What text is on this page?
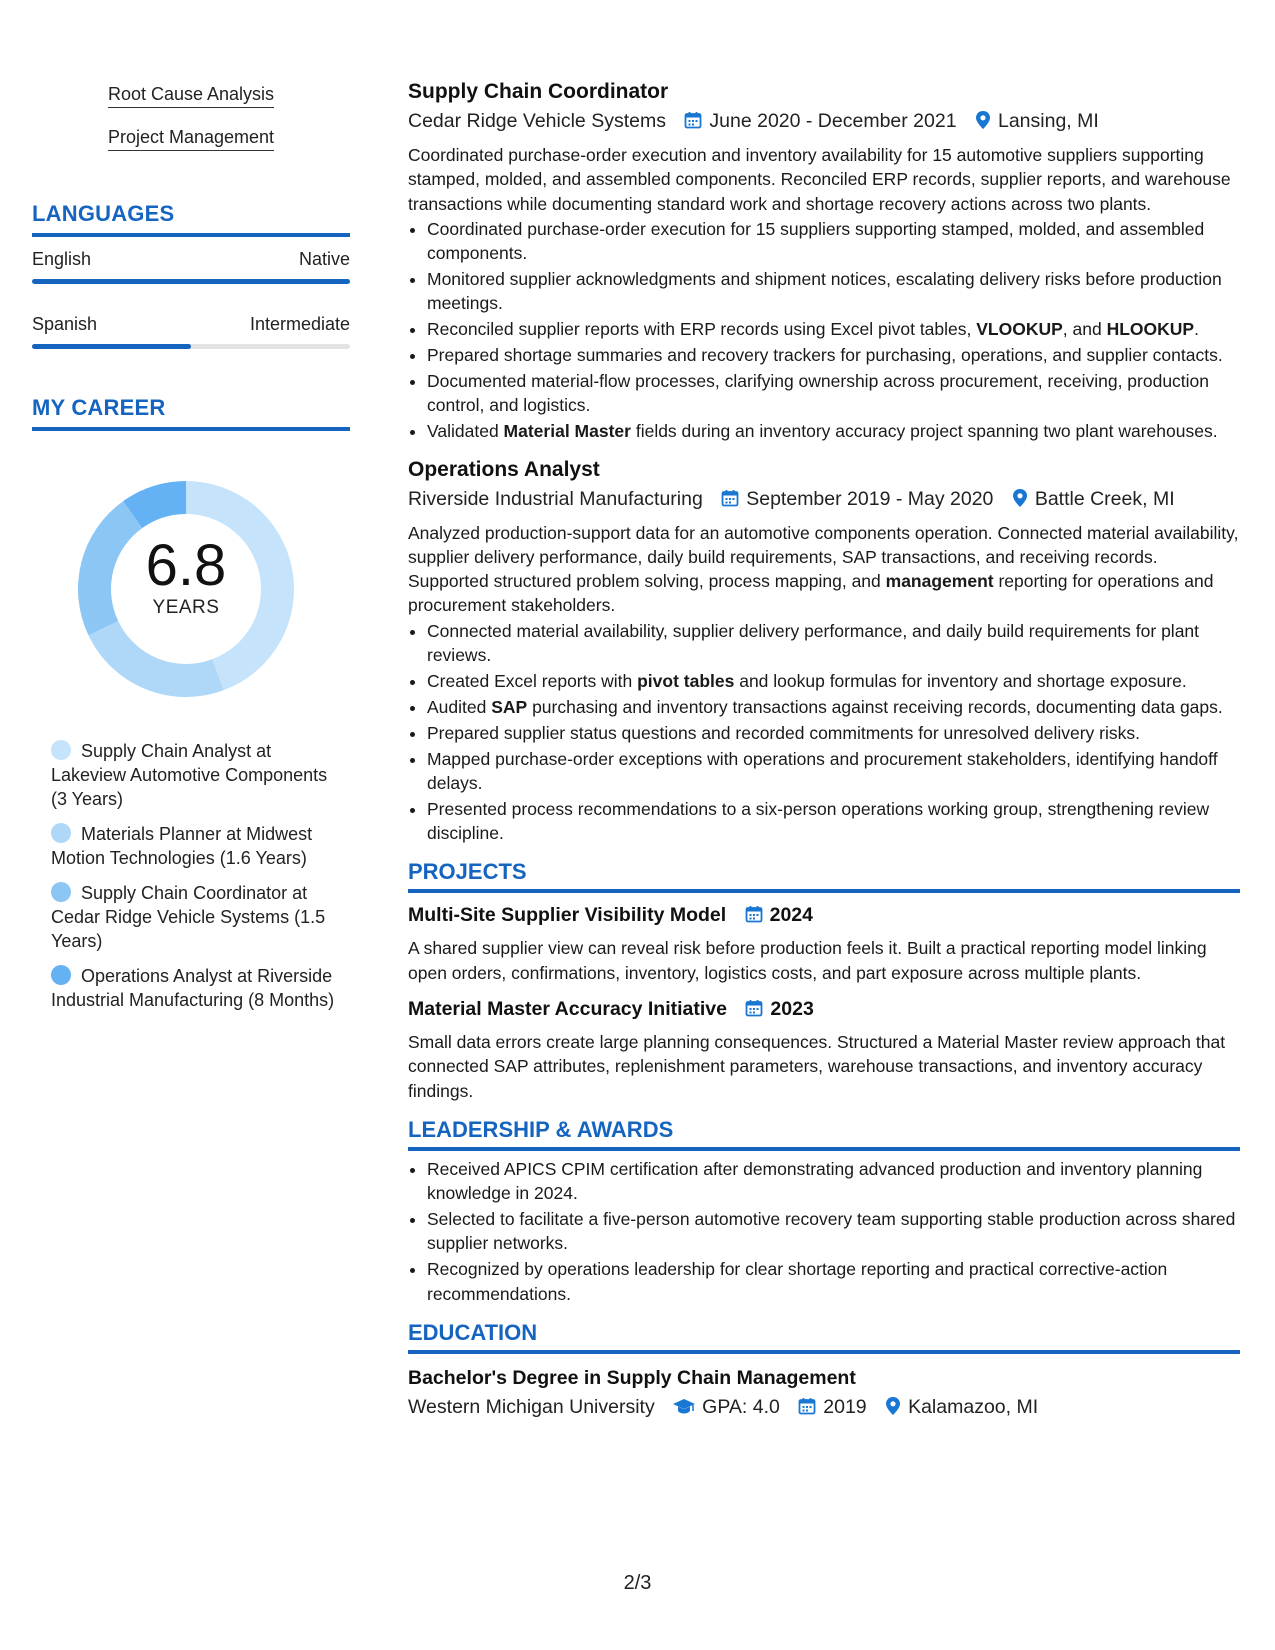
Root Cause Analysis
Project Management
LANGUAGES
English	Native
Spanish	Intermediate
MY CAREER
6.8
YEARS
Supply Chain Analyst at Lakeview Automotive Components (3 Years)
Materials Planner at Midwest Motion Technologies (1.6 Years)
Supply Chain Coordinator at Cedar Ridge Vehicle Systems (1.5 Years)
Operations Analyst at Riverside Industrial Manufacturing (8 Months)
Supply Chain Coordinator
Cedar Ridge Vehicle Systems June 2020 - December 2021 Lansing, MI

Coordinated purchase-order execution and inventory availability for 15 automotive suppliers supporting stamped, molded, and assembled components. Reconciled ERP records, supplier reports, and warehouse transactions while documenting standard work and shortage recovery actions across two plants.

• Coordinated purchase-order execution for 15 suppliers supporting stamped, molded, and assembled components.
• Monitored supplier acknowledgments and shipment notices, escalating delivery risks before production meetings.
• Reconciled supplier reports with ERP records using Excel pivot tables, VLOOKUP, and HLOOKUP.
• Prepared shortage summaries and recovery trackers for purchasing, operations, and supplier contacts.
• Documented material-flow processes, clarifying ownership across procurement, receiving, production control, and logistics.
• Validated Material Master fields during an inventory accuracy project spanning two plant warehouses.
Operations Analyst
Riverside Industrial Manufacturing September 2019 - May 2020 Battle Creek, MI

Analyzed production-support data for an automotive components operation. Connected material availability, supplier delivery performance, daily build requirements, SAP transactions, and receiving records. Supported structured problem solving, process mapping, and management reporting for operations and procurement stakeholders.

• Connected material availability, supplier delivery performance, and daily build requirements for plant reviews.
• Created Excel reports with pivot tables and lookup formulas for inventory and shortage exposure.
• Audited SAP purchasing and inventory transactions against receiving records, documenting data gaps.
• Prepared supplier status questions and recorded commitments for unresolved delivery risks.
• Mapped purchase-order exceptions with operations and procurement stakeholders, identifying handoff delays.
• Presented process recommendations to a six-person operations working group, strengthening review discipline.
PROJECTS
Multi-Site Supplier Visibility Model 2024

A shared supplier view can reveal risk before production feels it. Built a practical reporting model linking open orders, confirmations, inventory, logistics costs, and part exposure across multiple plants.

Material Master Accuracy Initiative 2023

Small data errors create large planning consequences. Structured a Material Master review approach that connected SAP attributes, replenishment parameters, warehouse transactions, and inventory accuracy findings.

LEADERSHIP & AWARDS
• Received APICS CPIM certification after demonstrating advanced production and inventory planning knowledge in 2024.
• Selected to facilitate a five-person automotive recovery team supporting stable production across shared supplier networks.
• Recognized by operations leadership for clear shortage reporting and practical corrective-action recommendations.
EDUCATION
Bachelor's Degree in Supply Chain Management
Western Michigan University GPA: 4.0 2019 Kalamazoo, MI
2/3
